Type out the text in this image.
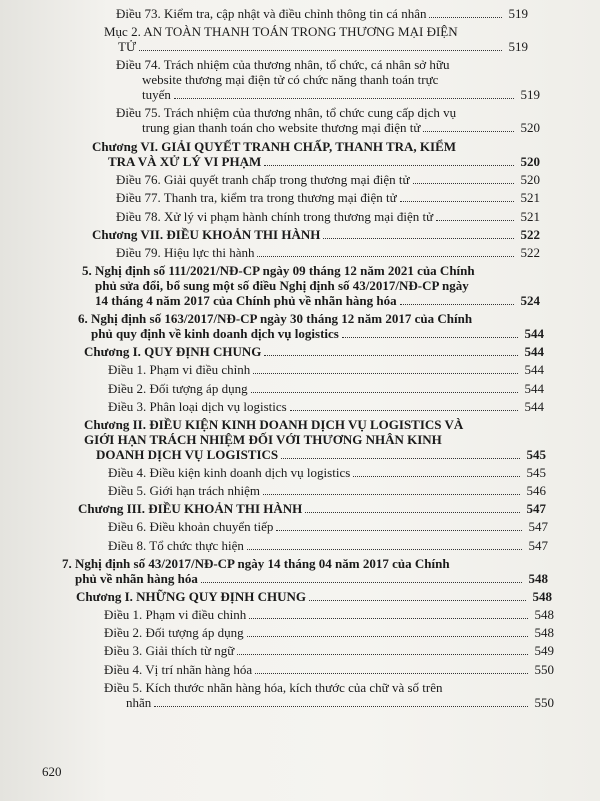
Điều 73. Kiểm tra, cập nhật và điều chỉnh thông tin cá nhân	519
Mục 2. AN TOÀN THANH TOÁN TRONG THƯƠNG MẠI ĐIỆN
TỬ	519
Điều 74. Trách nhiệm của thương nhân, tổ chức, cá nhân sở hữu
website thương mại điện tử có chức năng thanh toán trực
tuyến	519
Điều 75. Trách nhiệm của thương nhân, tổ chức cung cấp dịch vụ
trung gian thanh toán cho website thương mại điện tử	520
Chương VI. GIẢI QUYẾT TRANH CHẤP, THANH TRA, KIỂM
TRA VÀ XỬ LÝ VI PHẠM	520
Điều 76. Giải quyết tranh chấp trong thương mại điện tử	520
Điều 77. Thanh tra, kiểm tra trong thương mại điện tử	521
Điều 78. Xử lý vi phạm hành chính trong thương mại điện tử	521
Chương VII. ĐIỀU KHOẢN THI HÀNH	522
Điều 79. Hiệu lực thi hành	522
5. Nghị định số 111/2021/NĐ-CP ngày 09 tháng 12 năm 2021 của Chính
phủ sửa đổi, bổ sung một số điều Nghị định số 43/2017/NĐ-CP ngày
14 tháng 4 năm 2017 của Chính phủ về nhãn hàng hóa	524
6. Nghị định số 163/2017/NĐ-CP ngày 30 tháng 12 năm 2017 của Chính
phủ quy định về kinh doanh dịch vụ logistics	544
Chương I. QUY ĐỊNH CHUNG	544
Điều 1. Phạm vi điều chỉnh	544
Điều 2. Đối tượng áp dụng	544
Điều 3. Phân loại dịch vụ logistics	544
Chương II. ĐIỀU KIỆN KINH DOANH DỊCH VỤ LOGISTICS VÀ
GIỚI HẠN TRÁCH NHIỆM ĐỐI VỚI THƯƠNG NHÂN KINH
DOANH DỊCH VỤ LOGISTICS	545
Điều 4. Điều kiện kinh doanh dịch vụ logistics	545
Điều 5. Giới hạn trách nhiệm	546
Chương III. ĐIỀU KHOẢN THI HÀNH	547
Điều 6. Điều khoản chuyển tiếp	547
Điều 8. Tổ chức thực hiện	547
7. Nghị định số 43/2017/NĐ-CP ngày 14 tháng 04 năm 2017 của Chính
phủ về nhãn hàng hóa	548
Chương I. NHỮNG QUY ĐỊNH CHUNG	548
Điều 1. Phạm vi điều chỉnh	548
Điều 2. Đối tượng áp dụng	548
Điều 3. Giải thích từ ngữ	549
Điều 4. Vị trí nhãn hàng hóa	550
Điều 5. Kích thước nhãn hàng hóa, kích thước của chữ và số trên
nhãn	550
620
